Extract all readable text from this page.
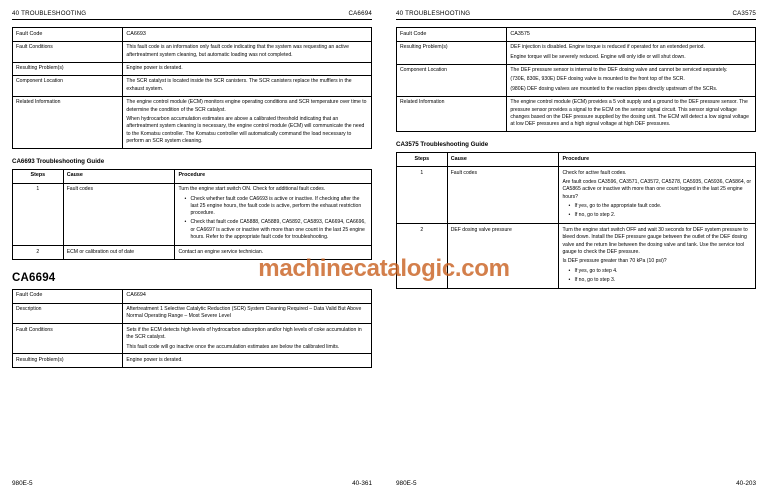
40 TROUBLESHOOTING	CA6694
Fault Code	CA6693
Fault Conditions	This fault code is an information only fault code indicating that the system was requesting an active aftertreatment system cleaning, but automatic loading was not completed.
Resulting Problem(s)	Engine power is derated.
Component Location	The SCR catalyst is located inside the SCR canisters. The SCR canisters replace the mufflers in the exhaust system.
Related Information	The engine control module (ECM) monitors engine operating conditions and SCR temperature over time to determine the condition of the SCR catalyst.

When hydrocarbon accumulation estimates are above a calibrated threshold indicating that an aftertreatment system cleaning is necessary, the engine control module (ECM) will communicate the need to the Komatsu controller. The Komatsu controller will automatically command the load necessary to perform an SCR system cleaning.

CA6693 Troubleshooting Guide
Steps	Cause	Procedure
1	Fault codes	Turn the engine start switch ON. Check for additional fault codes.

• Check whether fault code CA6693 is active or inactive. If checking after the last 25 engine hours, the fault code is active, perform the exhaust restriction procedure.
• Check that fault code CA5888, CA5889, CA5892, CA5893, CA6694, CA6696, or CA6697 is active or inactive with more than one count in the last 25 engine hours. Refer to the appropriate fault code for troubleshooting.

2	ECM or calibration out of date	Contact an engine service technician.
CA6694
Fault Code	CA6694
Description	Aftertreatment 1 Selective Catalytic Reduction (SCR) System Cleaning Required – Data Valid But Above Normal Operating Range – Most Severe Level
Fault Conditions	Sets if the ECM detects high levels of hydrocarbon adsorption and/or high levels of coke accumulation in the SCR catalyst.

This fault code will go inactive once the accumulation estimates are below the calibrated limits.

Resulting Problem(s)	Engine power is derated.
980E-5	40-361
40 TROUBLESHOOTING	CA3575
Fault Code	CA3575
Resulting Problem(s)	DEF injection is disabled. Engine torque is reduced if operated for an extended period.

Engine torque will be severely reduced. Engine will only idle or will shut down.

Component Location	The DEF pressure sensor is internal to the DEF dosing valve and cannot be serviced separately.

(730E, 830E, 930E) DEF dosing valve is mounted to the front top of the SCR.

(980E) DEF dosing valves are mounted to the reaction pipes directly upstream of the SCRs.

Related Information	The engine control module (ECM) provides a 5 volt supply and a ground to the DEF pressure sensor. The pressure sensor provides a signal to the ECM on the sensor signal circuit. This sensor signal voltage changes based on the DEF pressure supplied by the dosing unit. The ECM will detect a low signal voltage at low DEF pressures and a high signal voltage at high DEF pressures.
CA3575 Troubleshooting Guide
Steps	Cause	Procedure
1	Fault codes	Check for active fault codes.

Are fault codes CA3596, CA3571, CA3572, CA5278, CA5935, CA5936, CA5864, or CA5865 active or inactive with more than one count logged in the last 25 engine hours?

• If yes, go to the appropriate fault code.
• If no, go to step 2.

2	DEF dosing valve pressure	Turn the engine start switch OFF and wait 30 seconds for DEF system pressure to bleed down. Install the DEF pressure gauge between the outlet of the DEF dosing valve and the return line between the dosing valve and tank. Use the service tool gauge to check the DEF pressure.

Is DEF pressure greater than 70 kPa (10 psi)?

• If yes, go to step 4.
• If no, go to step 3.
980E-5	40-203
machinecatalogic.com
